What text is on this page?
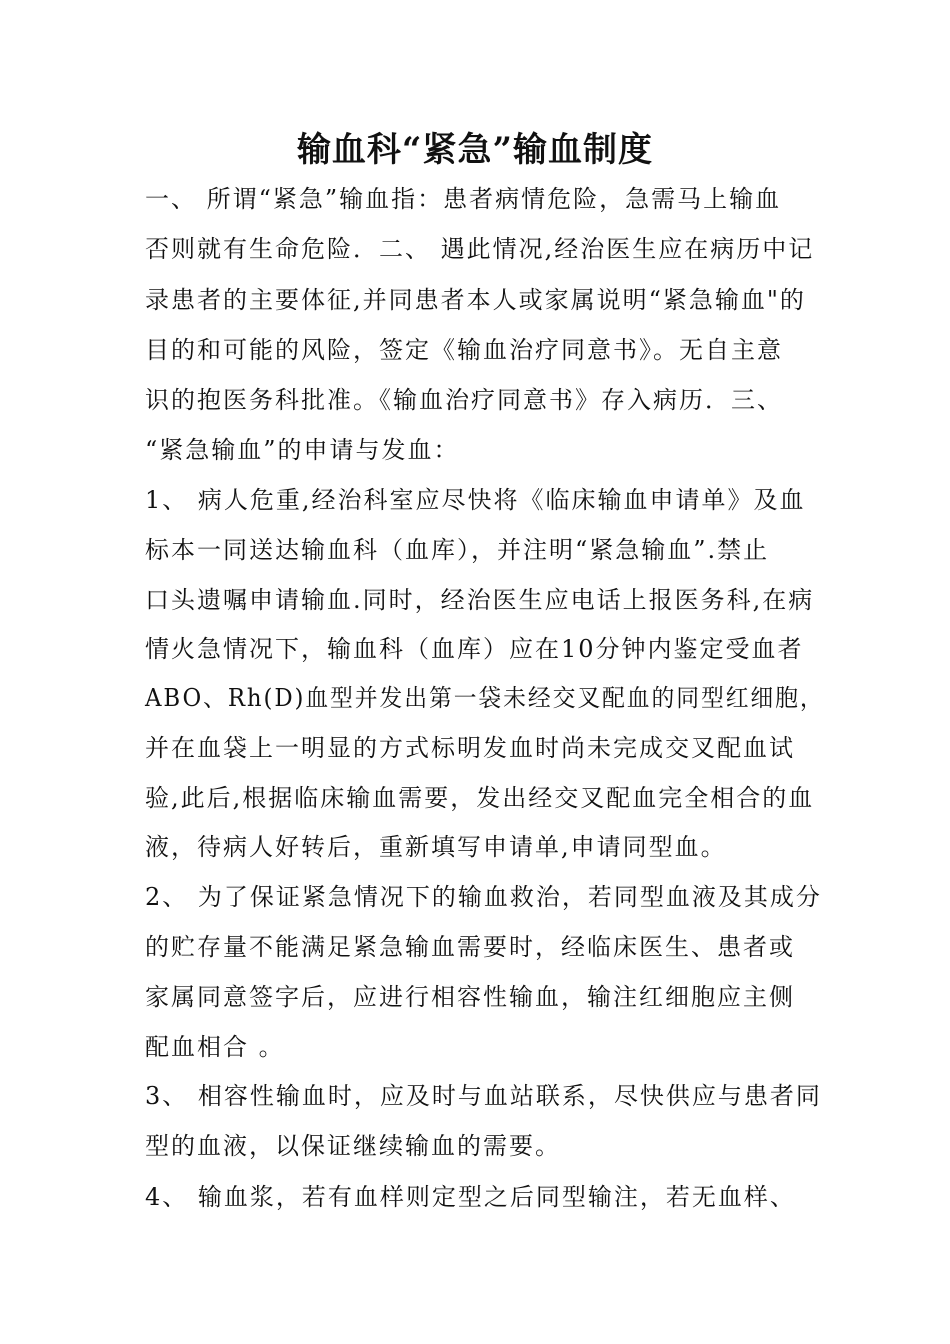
输血科“紧急”输血制度
一、 所谓“紧急”输血指：患者病情危险，急需马上输血
否则就有生命危险．二、 遇此情况,经治医生应在病历中记
录患者的主要体征,并同患者本人或家属说明“紧急输血"的
目的和可能的风险，签定《输血治疗同意书》。无自主意
识的抱医务科批准。《输血治疗同意书》存入病历．三、
“紧急输血”的申请与发血：
1、 病人危重,经治科室应尽快将《临床输血申请单》及血
标本一同送达输血科（血库），并注明“紧急输血”.禁止
口头遗嘱申请输血.同时，经治医生应电话上报医务科,在病
情火急情况下，输血科（血库）应在10分钟内鉴定受血者
ABO、Rh(D)血型并发出第一袋未经交叉配血的同型红细胞，
并在血袋上一明显的方式标明发血时尚未完成交叉配血试
验,此后,根据临床输血需要，发出经交叉配血完全相合的血
液，待病人好转后，重新填写申请单,申请同型血。
2、 为了保证紧急情况下的输血救治，若同型血液及其成分
的贮存量不能满足紧急输血需要时，经临床医生、患者或
家属同意签字后，应进行相容性输血，输注红细胞应主侧
配血相合 。
3、 相容性输血时，应及时与血站联系，尽快供应与患者同
型的血液，以保证继续输血的需要。
4、 输血浆，若有血样则定型之后同型输注，若无血样、
